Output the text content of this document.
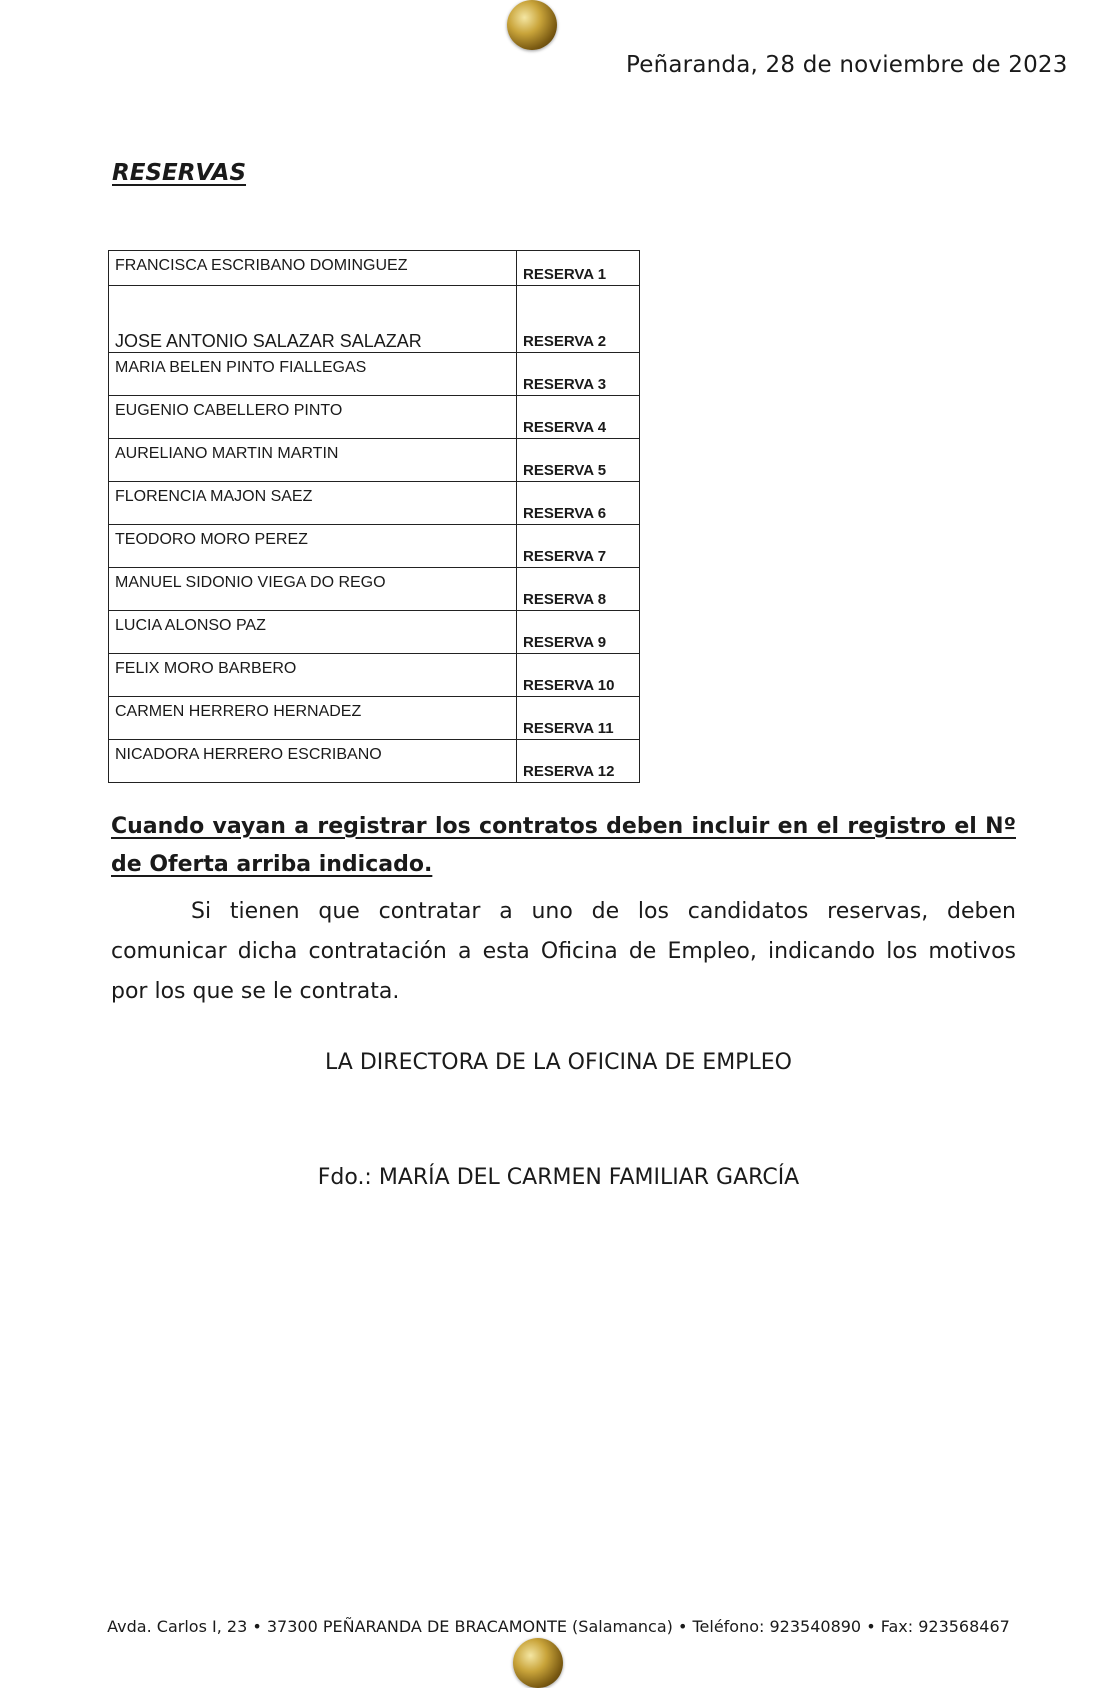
Peñaranda, 28 de noviembre de 2023
RESERVAS
FRANCISCA ESCRIBANO DOMINGUEZ	RESERVA 1
JOSE ANTONIO SALAZAR SALAZAR	RESERVA 2
MARIA BELEN PINTO FIALLEGAS	RESERVA 3
EUGENIO CABELLERO PINTO	RESERVA 4
AURELIANO MARTIN MARTIN	RESERVA 5
FLORENCIA MAJON SAEZ	RESERVA 6
TEODORO MORO PEREZ	RESERVA 7
MANUEL SIDONIO VIEGA DO REGO	RESERVA 8
LUCIA ALONSO PAZ	RESERVA 9
FELIX MORO BARBERO	RESERVA 10
CARMEN HERRERO HERNADEZ	RESERVA 11
NICADORA HERRERO ESCRIBANO	RESERVA 12
Cuando vayan a registrar los contratos deben incluir en el registro el Nº de Oferta arriba indicado.
Si tienen que contratar a uno de los candidatos reservas, deben comunicar dicha contratación a esta Oficina de Empleo, indicando los motivos por los que se le contrata.
LA DIRECTORA DE LA OFICINA DE EMPLEO
Fdo.: MARÍA DEL CARMEN FAMILIAR GARCÍA
Avda. Carlos I, 23 • 37300 PEÑARANDA DE BRACAMONTE (Salamanca) • Teléfono: 923540890 • Fax: 923568467
